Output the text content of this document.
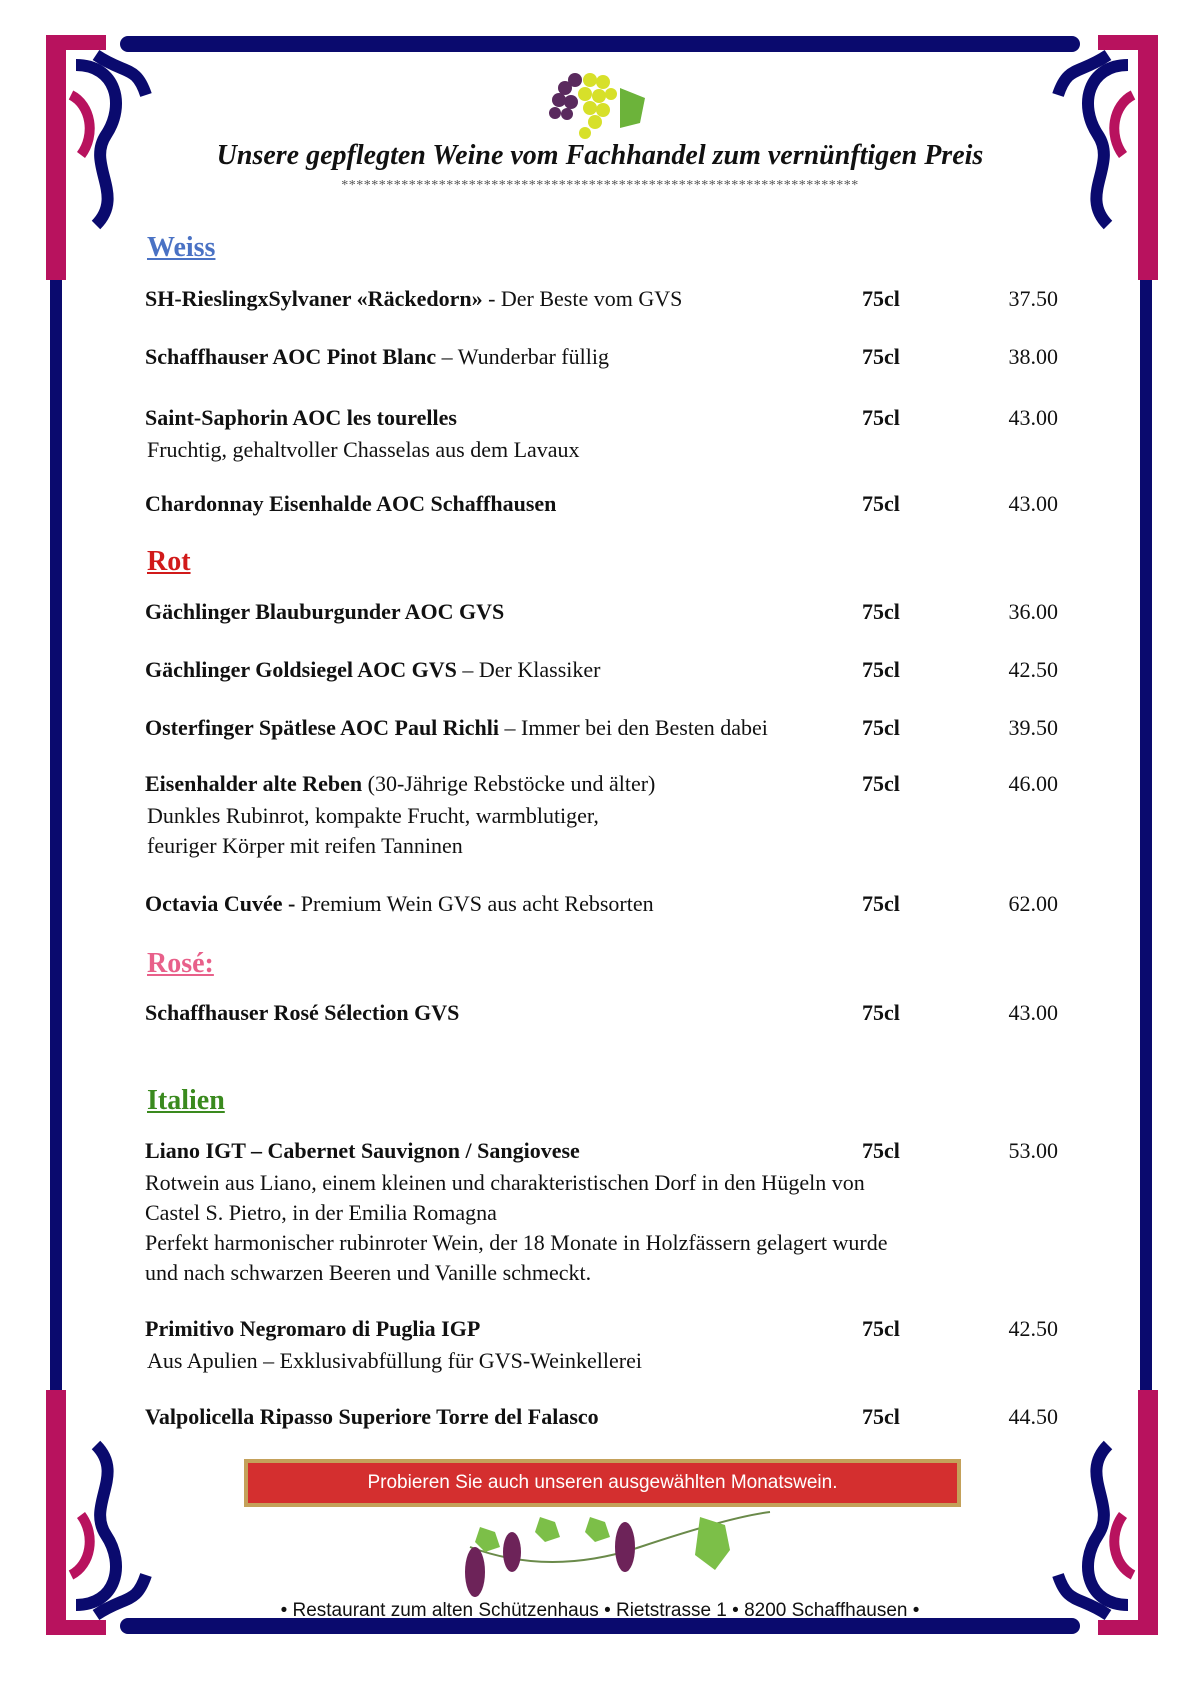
Unsere gepflegten Weine vom Fachhandel zum vernünftigen Preis
*********************************************************************
Weiss
SH-RieslingxSylvaner «Räckedorn» - Der Beste vom GVS	75cl	37.50
Schaffhauser AOC Pinot Blanc – Wunderbar füllig	75cl	38.00
Saint-Saphorin AOC les tourelles	75cl	43.00
Fruchtig, gehaltvoller Chasselas aus dem Lavaux
Chardonnay Eisenhalde AOC Schaffhausen	75cl	43.00
Rot
Gächlinger Blauburgunder AOC GVS	75cl	36.00
Gächlinger Goldsiegel AOC GVS – Der Klassiker	75cl	42.50
Osterfinger Spätlese AOC Paul Richli – Immer bei den Besten dabei	75cl	39.50
Eisenhalder alte Reben (30-Jährige Rebstöcke und älter)	75cl	46.00
Dunkles Rubinrot, kompakte Frucht, warmblutiger,
feuriger Körper mit reifen Tanninen
Octavia Cuvée - Premium Wein GVS aus acht Rebsorten	75cl	62.00
Rosé:
Schaffhauser Rosé Sélection GVS	75cl	43.00
Italien
Liano IGT – Cabernet Sauvignon / Sangiovese	75cl	53.00
Rotwein aus Liano, einem kleinen und charakteristischen Dorf in den Hügeln von
Castel S. Pietro, in der Emilia Romagna
Perfekt harmonischer rubinroter Wein, der 18 Monate in Holzfässern gelagert wurde
und nach schwarzen Beeren und Vanille schmeckt.
Primitivo Negromaro di Puglia IGP	75cl	42.50
Aus Apulien – Exklusivabfüllung für GVS-Weinkellerei
Valpolicella Ripasso Superiore Torre del Falasco	75cl	44.50
Probieren Sie auch unseren ausgewählten Monatswein.
• Restaurant zum alten Schützenhaus • Rietstrasse 1 • 8200 Schaffhausen •
